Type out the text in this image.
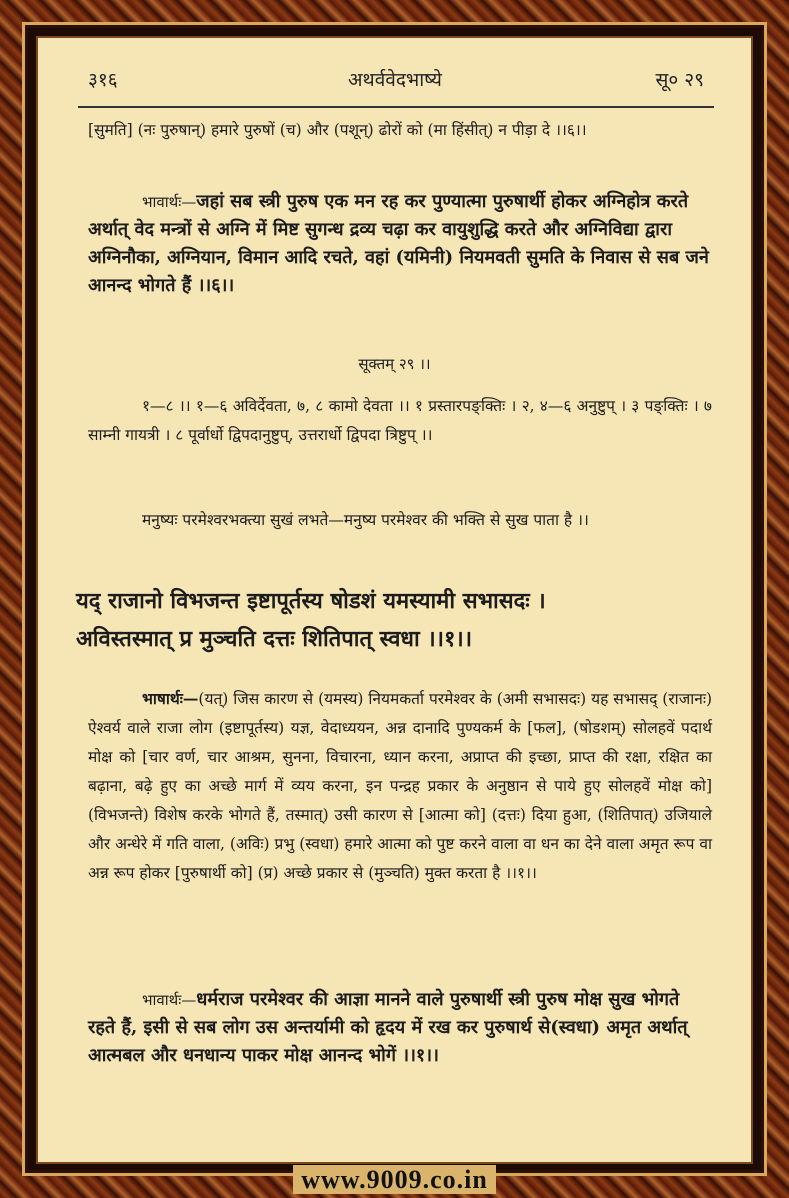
३१६	अथर्ववेदभाष्ये	सू० २९
[सुमति] (नः पुरुषान्) हमारे पुरुषों (च) और (पशून्) ढोरों को (मा हिंसीत्) न पीड़ा दे ।।६।।
भावार्थः—जहां सब स्त्री पुरुष एक मन रह कर पुण्यात्मा पुरुषार्थी होकर अग्निहोत्र करते अर्थात् वेद मन्त्रों से अग्नि में मिष्ट सुगन्ध द्रव्य चढ़ा कर वायुशुद्धि करते और अग्निविद्या द्वारा अग्निनौका, अग्नियान, विमान आदि रचते, वहां (यमिनी) नियमवती सुमति के निवास से सब जने आनन्द भोगते हैं ।।६।।
सूक्तम् २९ ।।
१—८ ।। १—६ अविर्देवता, ७, ८ कामो देवता ।। १ प्रस्तारपङ्क्तिः । २, ४—६ अनुष्टुप् । ३ पङ्क्तिः । ७ साम्नी गायत्री । ८ पूर्वार्धो द्विपदानुष्टुप्, उत्तरार्धो द्विपदा त्रिष्टुप् ।।
मनुष्यः परमेश्वरभक्त्या सुखं लभते—मनुष्य परमेश्वर की भक्ति से सुख पाता है ।।
यद् राजानो विभजन्त इष्टापूर्तस्य षोडशं यमस्यामी सभासदः ।
अविस्तस्मात् प्र मुञ्चति दत्तः शितिपात् स्वधा ।।१।।
भाषार्थः—(यत्) जिस कारण से (यमस्य) नियमकर्ता परमेश्वर के (अमी सभासदः) यह सभासद् (राजानः) ऐश्वर्य वाले राजा लोग (इष्टापूर्तस्य) यज्ञ, वेदाध्ययन, अन्न दानादि पुण्यकर्म के [फल], (षोडशम्) सोलहवें पदार्थ मोक्ष को [चार वर्ण, चार आश्रम, सुनना, विचारना, ध्यान करना, अप्राप्त की इच्छा, प्राप्त की रक्षा, रक्षित का बढ़ाना, बढ़े हुए का अच्छे मार्ग में व्यय करना, इन पन्द्रह प्रकार के अनुष्ठान से पाये हुए सोलहवें मोक्ष को] (विभजन्ते) विशेष करके भोगते हैं, तस्मात्) उसी कारण से [आत्मा को] (दत्तः) दिया हुआ, (शितिपात्) उजियाले और अन्धेरे में गति वाला, (अविः) प्रभु (स्वधा) हमारे आत्मा को पुष्ट करने वाला वा धन का देने वाला अमृत रूप वा अन्न रूप होकर [पुरुषार्थी को] (प्र) अच्छे प्रकार से (मुञ्चति) मुक्त करता है ।।१।।
भावार्थः—धर्मराज परमेश्वर की आज्ञा मानने वाले पुरुषार्थी स्त्री पुरुष मोक्ष सुख भोगते रहते हैं, इसी से सब लोग उस अन्तर्यामी को हृदय में रख कर पुरुषार्थ से(स्वधा) अमृत अर्थात् आत्मबल और धनधान्य पाकर मोक्ष आनन्द भोगें ।।१।।
www.9009.co.in
